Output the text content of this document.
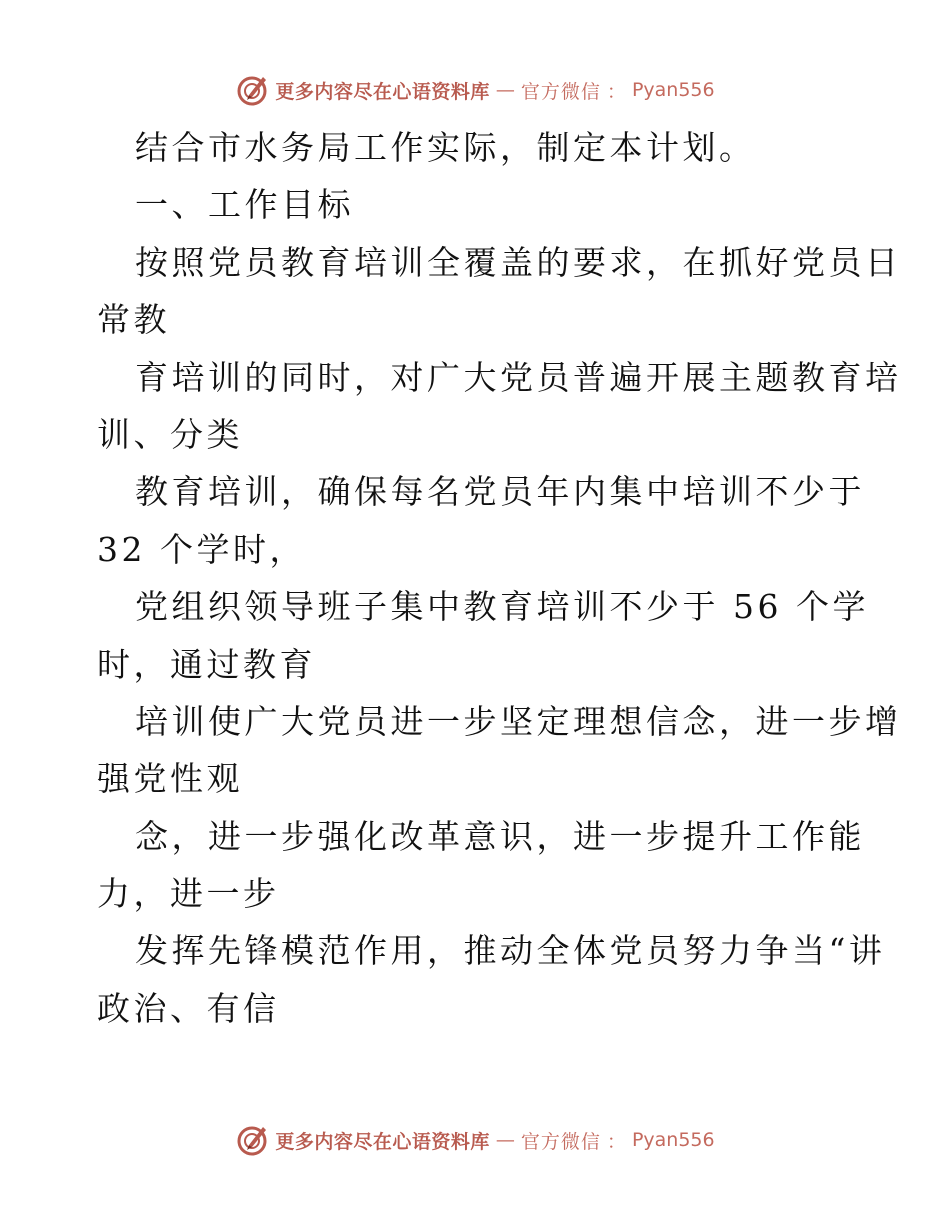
更多内容尽在心语资料库 — 官方微信 ： Pyan556
结合市水务局工作实际，制定本计划。
一、工作目标
按照党员教育培训全覆盖的要求，在抓好党员日
常教
育培训的同时，对广大党员普遍开展主题教育培
训、分类
教育培训，确保每名党员年内集中培训不少于
32 个学时，
党组织领导班子集中教育培训不少于 56 个学
时，通过教育
培训使广大党员进一步坚定理想信念，进一步增
强党性观
念，进一步强化改革意识，进一步提升工作能
力，进一步
发挥先锋模范作用，推动全体党员努力争当“讲
政治、有信
更多内容尽在心语资料库 — 官方微信 ： Pyan556
